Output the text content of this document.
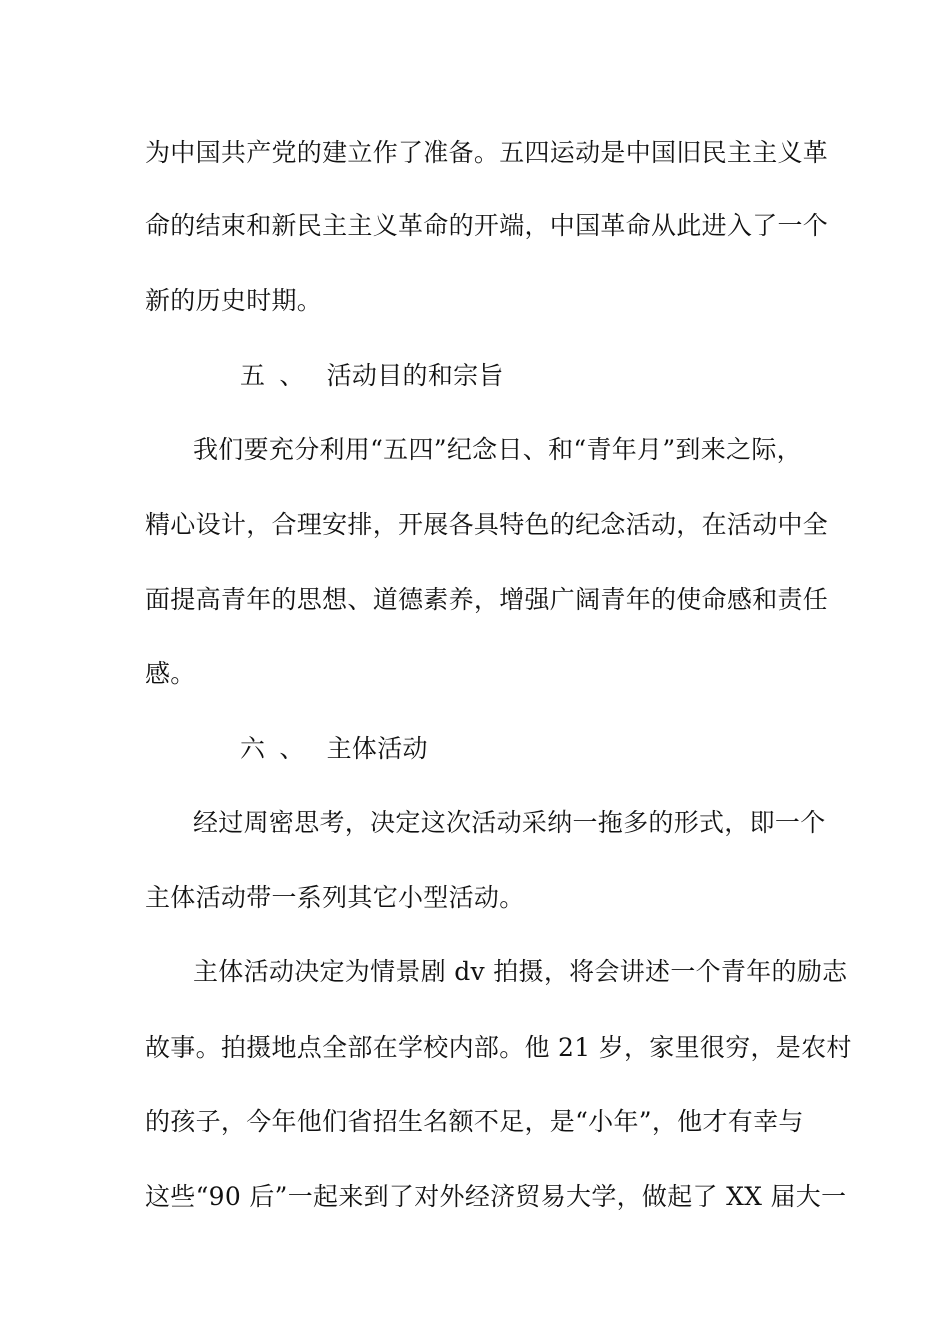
为中国共产党的建立作了准备。五四运动是中国旧民主主义革
命的结束和新民主主义革命的开端，中国革命从此进入了一个
新的历史时期。
五 、 活动目的和宗旨
我们要充分利用“五四”纪念日、和“青年月”到来之际，
精心设计，合理安排，开展各具特色的纪念活动，在活动中全
面提高青年的思想、道德素养，增强广阔青年的使命感和责任
感。
六 、 主体活动
经过周密思考，决定这次活动采纳一拖多的形式，即一个
主体活动带一系列其它小型活动。
主体活动决定为情景剧 dv 拍摄，将会讲述一个青年的励志
故事。拍摄地点全部在学校内部。他 21 岁，家里很穷，是农村
的孩子，今年他们省招生名额不足，是“小年”，他才有幸与
这些“90 后”一起来到了对外经济贸易大学，做起了 XX 届大一
